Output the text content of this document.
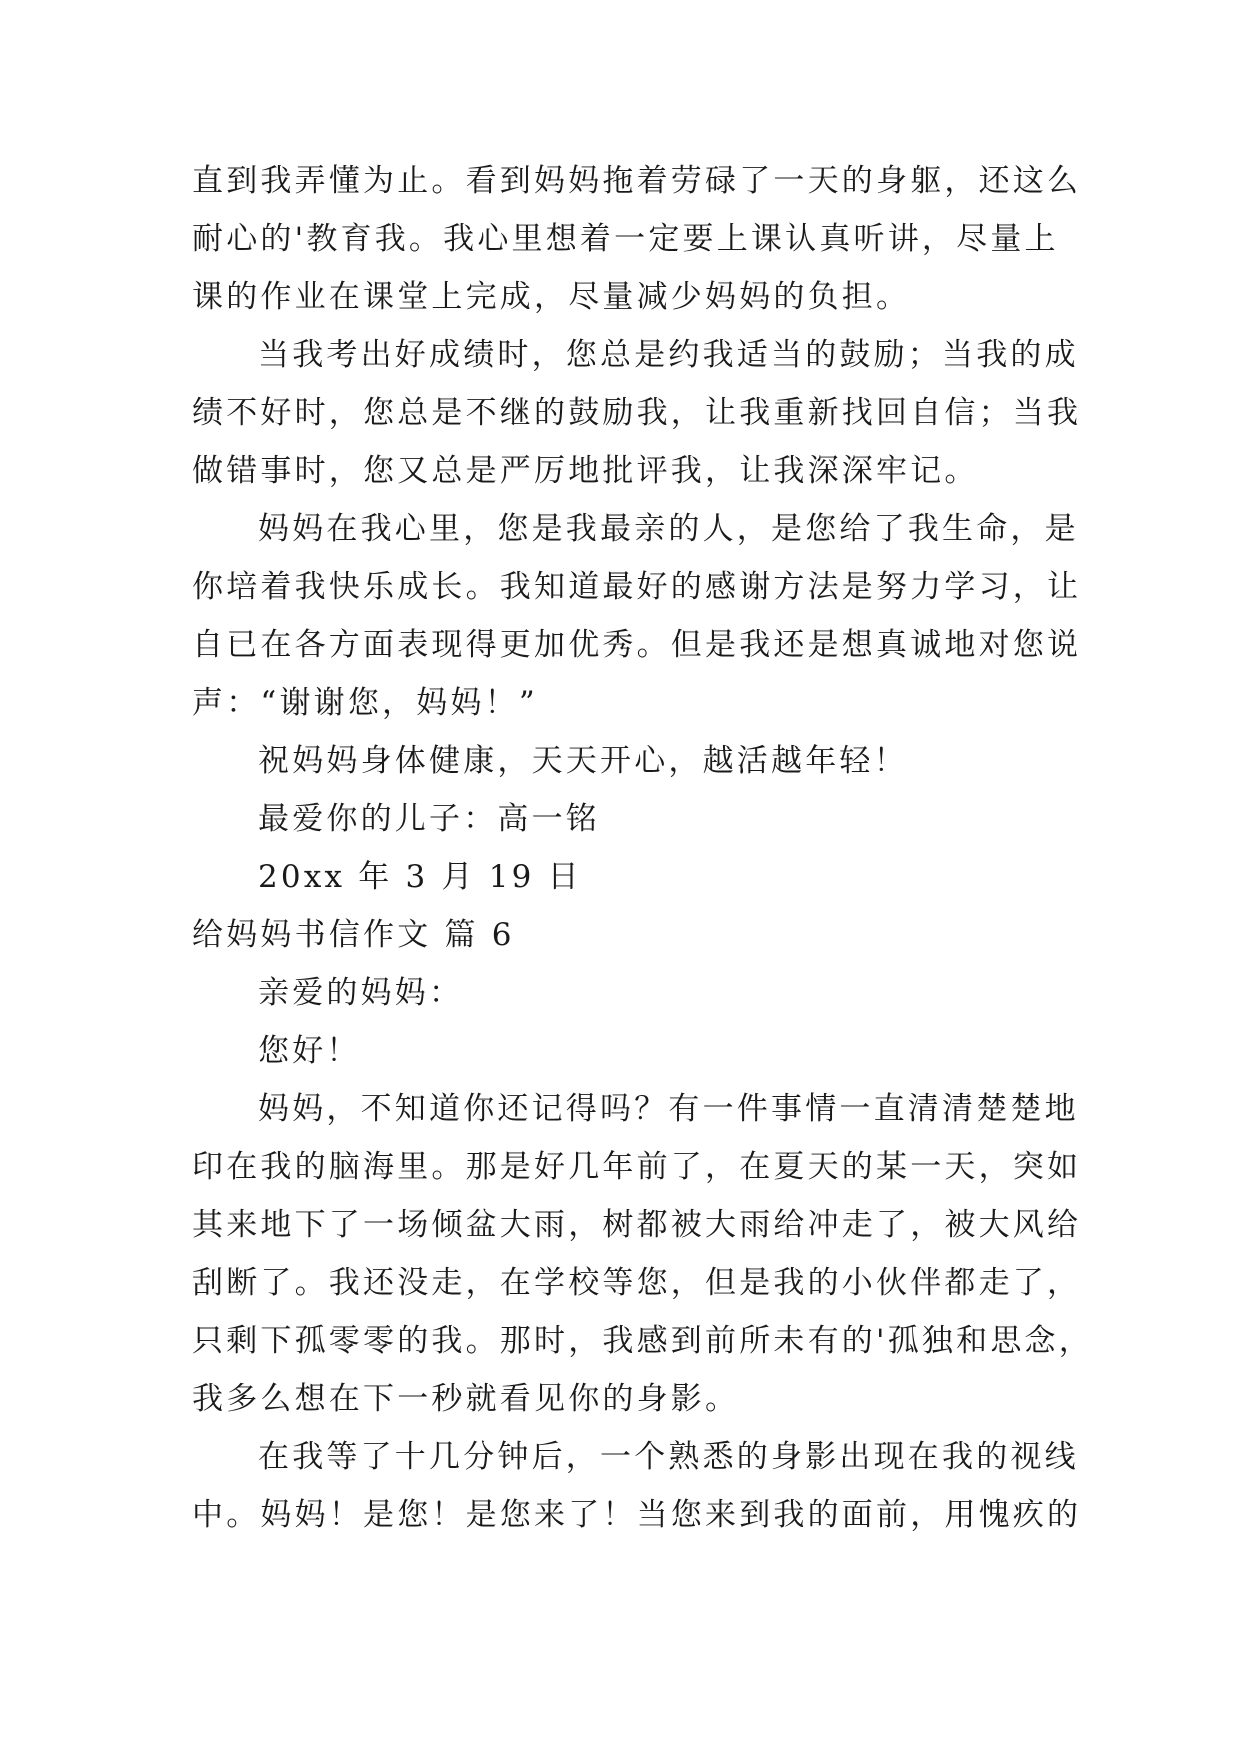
直到我弄懂为止。看到妈妈拖着劳碌了一天的身躯，还这么

耐心的'教育我。我心里想着一定要上课认真听讲，尽量上

课的作业在课堂上完成，尽量减少妈妈的负担。

当我考出好成绩时，您总是约我适当的鼓励；当我的成

绩不好时，您总是不继的鼓励我，让我重新找回自信；当我

做错事时，您又总是严厉地批评我，让我深深牢记。

妈妈在我心里，您是我最亲的人，是您给了我生命，是

你培着我快乐成长。我知道最好的感谢方法是努力学习，让

自已在各方面表现得更加优秀。但是我还是想真诚地对您说

声：“谢谢您，妈妈！”

祝妈妈身体健康，天天开心，越活越年轻！

最爱你的儿子：高一铭

20xx 年 3 月 19 日

给妈妈书信作文 篇 6

亲爱的妈妈：

您好！

妈妈，不知道你还记得吗？有一件事情一直清清楚楚地

印在我的脑海里。那是好几年前了，在夏天的某一天，突如

其来地下了一场倾盆大雨，树都被大雨给冲走了，被大风给

刮断了。我还没走，在学校等您，但是我的小伙伴都走了，

只剩下孤零零的我。那时，我感到前所未有的'孤独和思念，

我多么想在下一秒就看见你的身影。

在我等了十几分钟后，一个熟悉的身影出现在我的视线

中。妈妈！是您！是您来了！当您来到我的面前，用愧疚的
